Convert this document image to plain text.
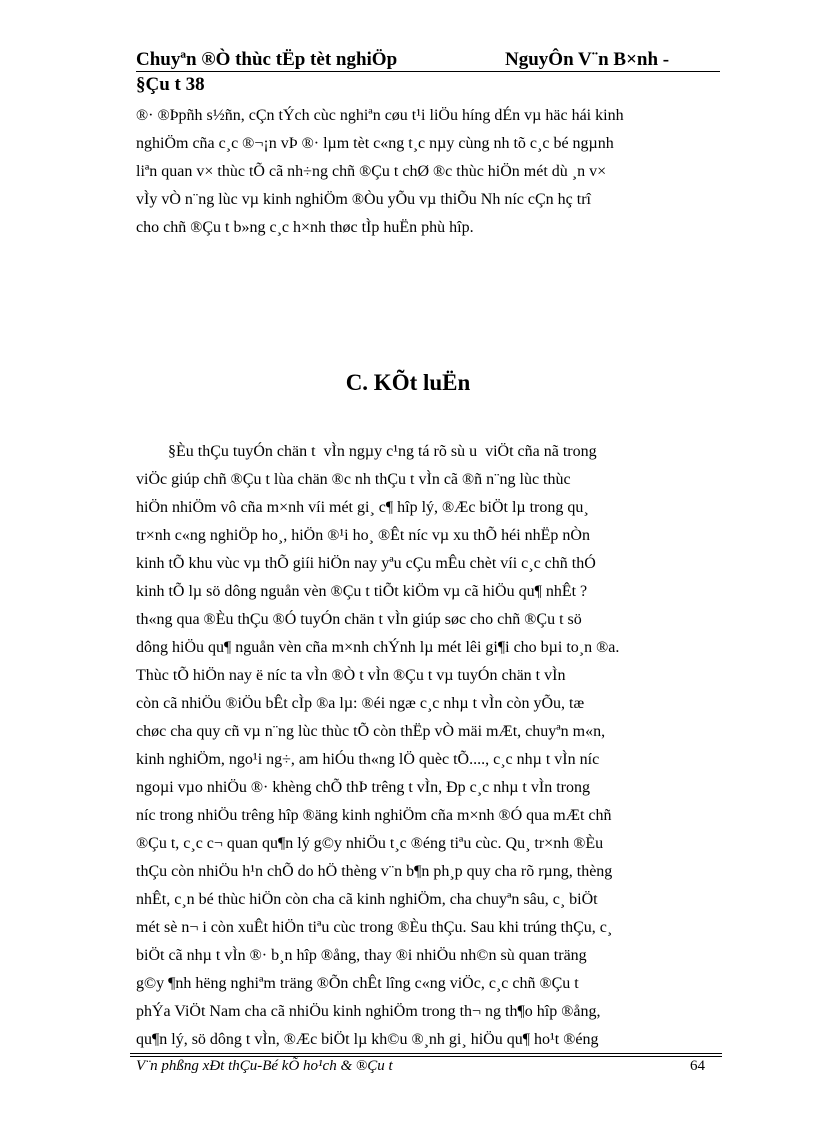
Chuyªn ®Ò thùc tËp tèt nghiÖp	NguyÔn V¨n B×nh -
§Çu t 38
®· ®Þpñh s½ñn, cÇn tÝch cùc nghiªn cøu t¹i liÖu híng dÉn vµ häc hái kinh
nghiÖm cña c¸c ®¬¡n vÞ ®· lµm tèt c«ng t¸c nµy cùng nh tõ c¸c bé ngµnh
liªn quan v× thùc tÕ cã nh÷ng chñ ®Çu t chØ ®c thùc hiÖn mét dù ¸n v×
vÌy vÒ n¨ng lùc vµ kinh nghiÖm ®Òu yÕu vµ thiÕu Nh níc cÇn hç trî
cho chñ ®Çu t b»ng c¸c h×nh thøc tÌp huËn phù hîp.
C. KÕt luËn
§Èu thÇu tuyÓn chän t  vÌn ngµy c¹ng tá rõ sù u  viÖt cña nã trong
viÖc giúp chñ ®Çu t lùa chän ®c nh thÇu t vÌn cã ®ñ n¨ng lùc thùc
hiÖn nhiÖm vô cña m×nh víi mét gi¸ c¶ hîp lý, ®Æc biÖt lµ trong qu¸
tr×nh c«ng nghiÖp ho¸, hiÖn ®¹i ho¸ ®Êt níc vµ xu thÕ héi nhËp nÒn
kinh tÕ khu vùc vµ thÕ giíi hiÖn nay yªu cÇu mÊu chèt víi c¸c chñ thÓ
kinh tÕ lµ sö dông nguån vèn ®Çu t tiÕt kiÖm vµ cã hiÖu qu¶ nhÊt ?
th«ng qua ®Èu thÇu ®Ó tuyÓn chän t vÌn giúp søc cho chñ ®Çu t sö
dông hiÖu qu¶ nguån vèn cña m×nh chÝnh lµ mét lêi gi¶i cho bµi to¸n ®a.
Thùc tÕ hiÖn nay ë níc ta vÌn ®Ò t vÌn ®Çu t vµ tuyÓn chän t vÌn
còn cã nhiÖu ®iÖu bÊt cÌp ®a lµ: ®éi ngæ c¸c nhµ t vÌn còn yÕu, tæ
chøc cha quy cñ vµ n¨ng lùc thùc tÕ còn thËp vÒ mäi mÆt, chuyªn m«n,
kinh nghiÖm, ngo¹i ng÷, am hiÓu th«ng lÖ quèc tÕ...., c¸c nhµ t vÌn níc
ngoµi vµo nhiÖu ®· khèng chÕ thÞ trêng t vÌn, Ðp c¸c nhµ t vÌn trong
níc trong nhiÖu trêng hîp ®äng kinh nghiÖm cña m×nh ®Ó qua mÆt chñ
®Çu t, c¸c c¬ quan qu¶n lý g©y nhiÖu t¸c ®éng tiªu cùc. Qu¸ tr×nh ®Èu
thÇu còn nhiÖu h¹n chÕ do hÖ thèng v¨n b¶n ph¸p quy cha rõ rµng, thèng
nhÊt, c¸n bé thùc hiÖn còn cha cã kinh nghiÖm, cha chuyªn sâu, c¸ biÖt
mét sè n¬ i còn xuÊt hiÖn tiªu cùc trong ®Èu thÇu. Sau khi trúng thÇu, c¸
biÖt cã nhµ t vÌn ®· b¸n hîp ®ång, thay ®i nhiÖu nh©n sù quan träng
g©y ¶nh hëng nghiªm träng ®Õn chÊt lîng c«ng viÖc, c¸c chñ ®Çu t
phÝa ViÖt Nam cha cã nhiÖu kinh nghiÖm trong th¬ ng th¶o hîp ®ång,
qu¶n lý, sö dông t vÌn, ®Æc biÖt lµ kh©u ®¸nh gi¸ hiÖu qu¶ ho¹t ®éng
V¨n phßng xÐt thÇu-Bé kÕ ho¹ch & ®Çu t	64
